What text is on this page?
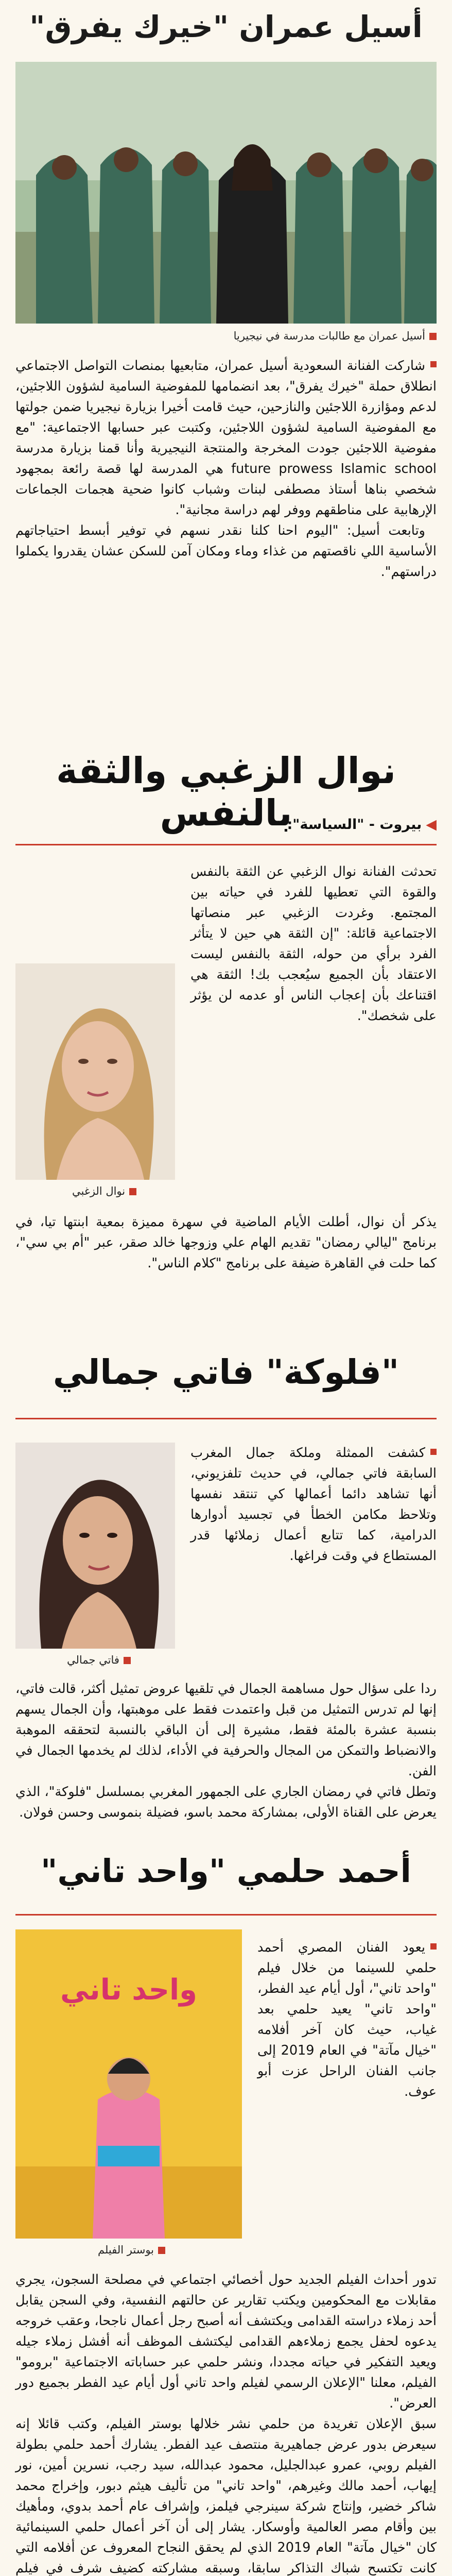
أسيل عمران "خيرك يفرق"
أسيل عمران مع طالبات مدرسة في نيجيريا

شاركت الفنانة السعودية أسيل عمران، متابعيها بمنصات التواصل الاجتماعي انطلاق حملة "خيرك يفرق"، بعد انضمامها للمفوضية السامية لشؤون اللاجئين، لدعم ومؤازرة اللاجئين والنازحين، حيث قامت أخيرا بزيارة نيجيريا ضمن جولتها مع المفوضية السامية لشؤون اللاجئين، وكتبت عبر حسابها الاجتماعية: "مع مفوضية اللاجئين جودت المخرجة والمنتجة النيجيرية وأنا قمنا بزيارة مدرسة future prowess Islamic school هي المدرسة لها قصة رائعة بمجهود شخصي بناها أستاذ مصطفى لبنات وشباب كانوا ضحية هجمات الجماعات الإرهابية على مناطقهم ووفر لهم دراسة مجانية".

وتابعت أسيل: "اليوم احنا كلنا نقدر نسهم في توفير أبسط احتياجاتهم الأساسية اللي ناقصتهم من غذاء وماء ومكان آمن للسكن عشان يقدروا يكملوا دراستهم".

نوال الزغبي والثقة بالنفس	◀بيروت - "السياسة":
تحدثت الفنانة نوال الزغبي عن الثقة بالنفس والقوة التي تعطيها للفرد في حياته بين المجتمع. وغردت الزغبي عبر منصاتها الاجتماعية قائلة: "إن الثقة هي حين لا يتأثر الفرد برأي من حوله، الثقة بالنفس ليست الاعتقاد بأن الجميع سيُعجب بك! الثقة هي اقتناعك بأن إعجاب الناس أو عدمه لن يؤثر على شخصك".
نوال الزغبي
يذكر أن نوال، أطلت الأيام الماضية في سهرة مميزة بمعية ابنتها تيا، في برنامج "ليالي رمضان" تقديم الهام علي وزوجها خالد صقر، عبر "أم بي سي"، كما حلت في القاهرة ضيفة على برنامج "كلام الناس".
"فلوكة" فاتي جمالي
فاتي جمالي
كشفت الممثلة وملكة جمال المغرب السابقة فاتي جمالي، في حديث تلفزيوني، أنها تشاهد دائما أعمالها كي تنتقد نفسها وتلاحظ مكامن الخطأ في تجسيد أدوارها الدرامية، كما تتابع أعمال زملائها قدر المستطاع في وقت فراغها.

ردا على سؤال حول مساهمة الجمال في تلقيها عروض تمثيل أكثر، قالت فاتي، إنها لم تدرس التمثيل من قبل واعتمدت فقط على موهبتها، وأن الجمال يسهم بنسبة عشرة بالمئة فقط، مشيرة إلى أن الباقي بالنسبة لتحققه الموهبة والانضباط والتمكن من المجال والحرفية في الأداء، لذلك لم يخدمها الجمال في الفن.

وتطل فاتي في رمضان الجاري على الجمهور المغربي بمسلسل "فلوكة"، الذي يعرض على القناة الأولى، بمشاركة محمد باسو، فضيلة بنموسى وحسن فولان.

أحمد حلمي "واحد تاني"
يعود الفنان المصري أحمد حلمي للسينما من خلال فيلم "واحد تاني"، أول أيام عيد الفطر، "واحد تاني" يعيد حلمي بعد غياب، حيث كان آخر أفلامه "خيال مآتة" في العام 2019 إلى جانب الفنان الراحل عزت أبو عوف.
واحد تاني
بوستر الفيلم

تدور أحداث الفيلم الجديد حول أخصائي اجتماعي في مصلحة السجون، يجري مقابلات مع المحكومين ويكتب تقارير عن حالتهم النفسية، وفي السجن يقابل أحد زملاء دراسته القدامى ويكتشف أنه أصبح رجل أعمال ناجحا، وعقب خروجه يدعوه لحفل يجمع زملاءهم القدامى ليكتشف الموظف أنه أفشل زملاء جيله ويعيد التفكير في حياته مجددا، ونشر حلمي عبر حساباته الاجتماعية "برومو" الفيلم، معلنا "الإعلان الرسمي لفيلم واحد تاني أول أيام عيد الفطر بجميع دور العرض".

سبق الإعلان تغريدة من حلمي نشر خلالها بوستر الفيلم، وكتب قائلا إنه سيعرض بدور عرض جماهيرية منتصف عيد الفطر. يشارك أحمد حلمي بطولة الفيلم روبي، عمرو عبدالجليل، محمود عبدالله، سيد رجب، نسرين أمين، نور إيهاب، أحمد مالك وغيرهم، "واحد تاني" من تأليف هيثم دبور، وإخراج محمد شاكر خضير، وإنتاج شركة سينرجي فيلمز، وإشراف عام أحمد بدوي، ومأهيك بين وأقام مصر العالمية وأوسكار. يشار إلى أن آخر أعمال حلمي السينمائية كان "خيال مآتة" العام 2019 الذي لم يحقق النجاح المعروف عن أفلامه التي كانت تكتسح شباك التذاكر سابقا، وسبقه مشاركته كضيف شرف في فيلم
